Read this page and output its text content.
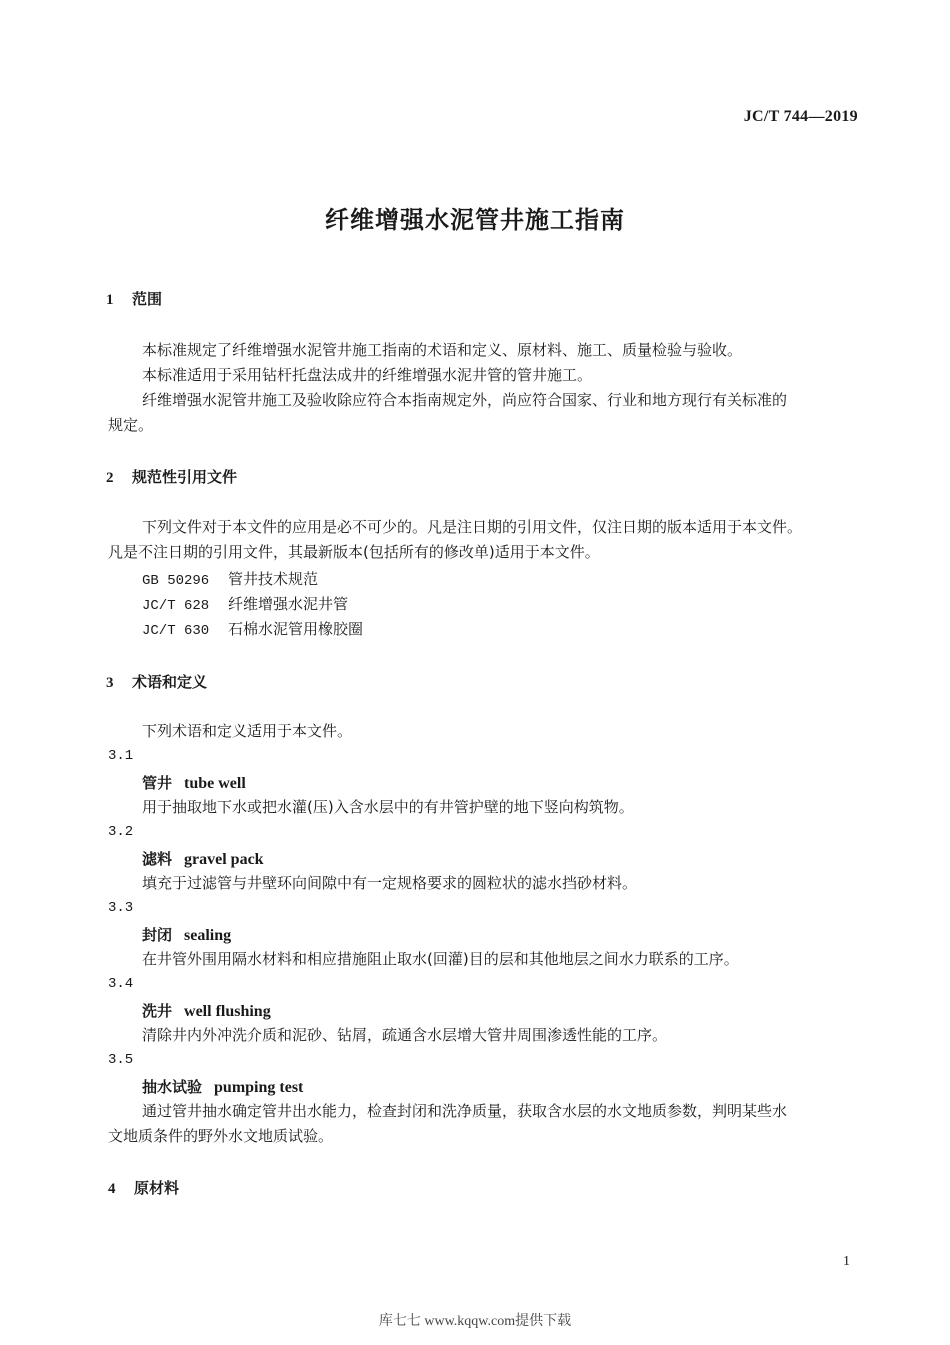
JC/T 744—2019
纤维增强水泥管井施工指南
1 范围
本标准规定了纤维增强水泥管井施工指南的术语和定义、原材料、施工、质量检验与验收。
本标准适用于采用钻杆托盘法成井的纤维增强水泥井管的管井施工。
纤维增强水泥管井施工及验收除应符合本指南规定外，尚应符合国家、行业和地方现行有关标准的
规定。
2 规范性引用文件
下列文件对于本文件的应用是必不可少的。凡是注日期的引用文件，仅注日期的版本适用于本文件。
凡是不注日期的引用文件，其最新版本(包括所有的修改单)适用于本文件。
GB 50296 管井技术规范
JC/T 628 纤维增强水泥井管
JC/T 630 石棉水泥管用橡胶圈
3 术语和定义
下列术语和定义适用于本文件。
3.1
管井 tube well
用于抽取地下水或把水灌(压)入含水层中的有井管护壁的地下竖向构筑物。
3.2
滤料 gravel pack
填充于过滤管与井壁环向间隙中有一定规格要求的圆粒状的滤水挡砂材料。
3.3
封闭 sealing
在井管外围用隔水材料和相应措施阻止取水(回灌)目的层和其他地层之间水力联系的工序。
3.4
洗井 well flushing
清除井内外冲洗介质和泥砂、钻屑，疏通含水层增大管井周围渗透性能的工序。
3.5
抽水试验 pumping test
通过管井抽水确定管井出水能力，检查封闭和洗净质量，获取含水层的水文地质参数，判明某些水
文地质条件的野外水文地质试验。
4 原材料
1
库七七 www.kqqw.com提供下载
